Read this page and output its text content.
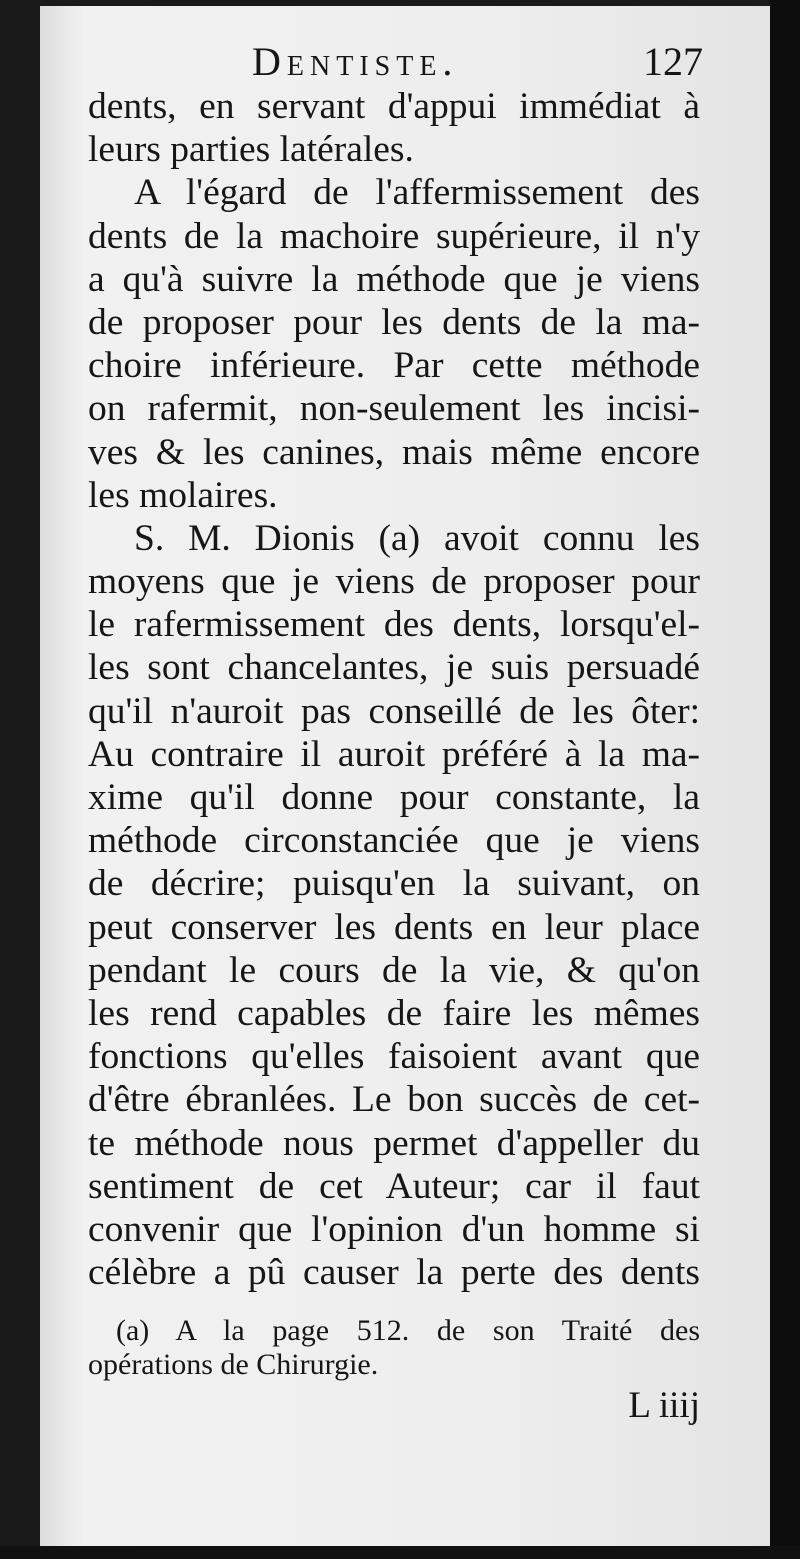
Dentiste.	127
dents, en servant d'appui immédiat à
leurs parties latérales.
A l'égard de l'affermissement des
dents de la machoire supérieure, il n'y
a qu'à suivre la méthode que je viens
de proposer pour les dents de la ma-
choire inférieure. Par cette méthode
on rafermit, non-seulement les incisi-
ves & les canines, mais même encore
les molaires.
S. M. Dionis (a) avoit connu les
moyens que je viens de proposer pour
le rafermissement des dents, lorsqu'el-
les sont chancelantes, je suis persuadé
qu'il n'auroit pas conseillé de les ôter:
Au contraire il auroit préféré à la ma-
xime qu'il donne pour constante, la
méthode circonstanciée que je viens
de décrire; puisqu'en la suivant, on
peut conserver les dents en leur place
pendant le cours de la vie, & qu'on
les rend capables de faire les mêmes
fonctions qu'elles faisoient avant que
d'être ébranlées. Le bon succès de cet-
te méthode nous permet d'appeller du
sentiment de cet Auteur; car il faut
convenir que l'opinion d'un homme si
célèbre a pû causer la perte des dents
(a) A la page 512. de son Traité des
opérations de Chirurgie.
L iiij
